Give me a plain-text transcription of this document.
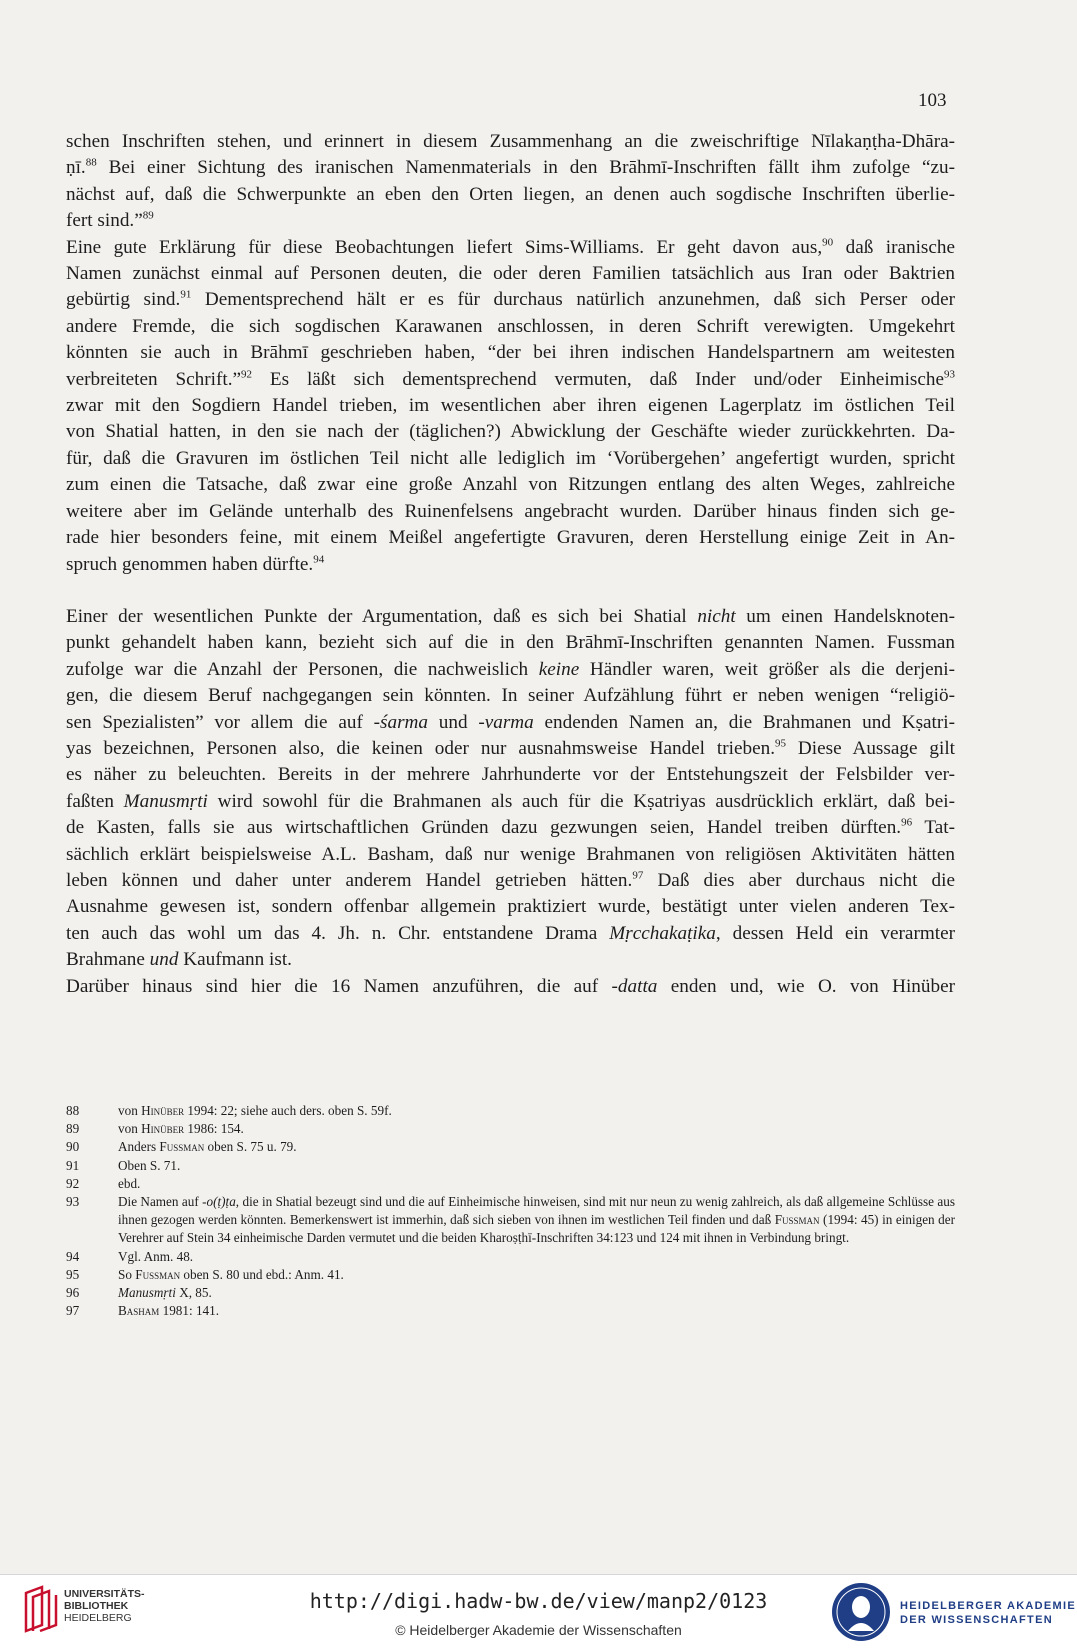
103

schen Inschriften stehen, und erinnert in diesem Zusammenhang an die zweischriftige Nīlakaṇṭha-Dhāra-

ṇī.$^{88}$ Bei einer Sichtung des iranischen Namenmaterials in den Brāhmī-Inschriften fällt ihm zufolge “zu-

nächst auf, daß die Schwerpunkte an eben den Orten liegen, an denen auch sogdische Inschriften überlie-

fert sind.”$^{89}$

Eine gute Erklärung für diese Beobachtungen liefert Sims-Williams. Er geht davon aus,$^{90}$ daß iranische

Namen zunächst einmal auf Personen deuten, die oder deren Familien tatsächlich aus Iran oder Baktrien

gebürtig sind.$^{91}$ Dementsprechend hält er es für durchaus natürlich anzunehmen, daß sich Perser oder

andere Fremde, die sich sogdischen Karawanen anschlossen, in deren Schrift verewigten. Umgekehrt

könnten sie auch in Brāhmī geschrieben haben, “der bei ihren indischen Handelspartnern am weitesten

verbreiteten Schrift.”$^{92}$ Es läßt sich dementsprechend vermuten, daß Inder und/oder Einheimische$^{93}$

zwar mit den Sogdiern Handel trieben, im wesentlichen aber ihren eigenen Lagerplatz im östlichen Teil

von Shatial hatten, in den sie nach der (täglichen?) Abwicklung der Geschäfte wieder zurückkehrten. Da-

für, daß die Gravuren im östlichen Teil nicht alle lediglich im ‘Vorübergehen’ angefertigt wurden, spricht

zum einen die Tatsache, daß zwar eine große Anzahl von Ritzungen entlang des alten Weges, zahlreiche

weitere aber im Gelände unterhalb des Ruinenfelsens angebracht wurden. Darüber hinaus finden sich ge-

rade hier besonders feine, mit einem Meißel angefertigte Gravuren, deren Herstellung einige Zeit in An-

spruch genommen haben dürfte.$^{94}$

Einer der wesentlichen Punkte der Argumentation, daß es sich bei Shatial nicht um einen Handelsknoten-

punkt gehandelt haben kann, bezieht sich auf die in den Brāhmī-Inschriften genannten Namen. Fussman

zufolge war die Anzahl der Personen, die nachweislich keine Händler waren, weit größer als die derjeni-

gen, die diesem Beruf nachgegangen sein könnten. In seiner Aufzählung führt er neben wenigen “religiö-

sen Spezialisten” vor allem die auf -śarma und -varma endenden Namen an, die Brahmanen und Kṣatri-

yas bezeichnen, Personen also, die keinen oder nur ausnahmsweise Handel trieben.$^{95}$ Diese Aussage gilt

es näher zu beleuchten. Bereits in der mehrere Jahrhunderte vor der Entstehungszeit der Felsbilder ver-

faßten Manusmṛti wird sowohl für die Brahmanen als auch für die Kṣatriyas ausdrücklich erklärt, daß bei-

de Kasten, falls sie aus wirtschaftlichen Gründen dazu gezwungen seien, Handel treiben dürften.$^{96}$ Tat-

sächlich erklärt beispielsweise A.L. Basham, daß nur wenige Brahmanen von religiösen Aktivitäten hätten

leben können und daher unter anderem Handel getrieben hätten.$^{97}$ Daß dies aber durchaus nicht die

Ausnahme gewesen ist, sondern offenbar allgemein praktiziert wurde, bestätigt unter vielen anderen Tex-

ten auch das wohl um das 4. Jh. n. Chr. entstandene Drama Mṛcchakaṭika, dessen Held ein verarmter

Brahmane und Kaufmann ist.

Darüber hinaus sind hier die 16 Namen anzuführen, die auf -datta enden und, wie O. von Hinüber

88	von Hinüber 1994: 22; siehe auch ders. oben S. 59f.
89	von Hinüber 1986: 154.
90	Anders Fussman oben S. 75 u. 79.
91	Oben S. 71.
92	ebd.
93	Die Namen auf -o(ṭ)ṭa, die in Shatial bezeugt sind und die auf Einheimische hinweisen, sind mit nur neun zu wenig zahlreich, als daß allgemeine Schlüsse aus ihnen gezogen werden könnten. Bemerkenswert ist immerhin, daß sich sieben von ihnen im westlichen Teil finden und daß Fussman (1994: 45) in einigen der Verehrer auf Stein 34 einheimische Darden vermutet und die beiden Kharoṣṭhī-Inschriften 34:123 und 124 mit ihnen in Verbindung bringt.
94	Vgl. Anm. 48.
95	So Fussman oben S. 80 und ebd.: Anm. 41.
96	Manusmṛti X, 85.
97	Basham 1981: 141.
UNIVERSITÄTS-
BIBLIOTHEK
HEIDELBERG
http://digi.hadw-bw.de/view/manp2/0123
© Heidelberger Akademie der Wissenschaften
HEIDELBERGER AKADEMIE
DER WISSENSCHAFTEN
